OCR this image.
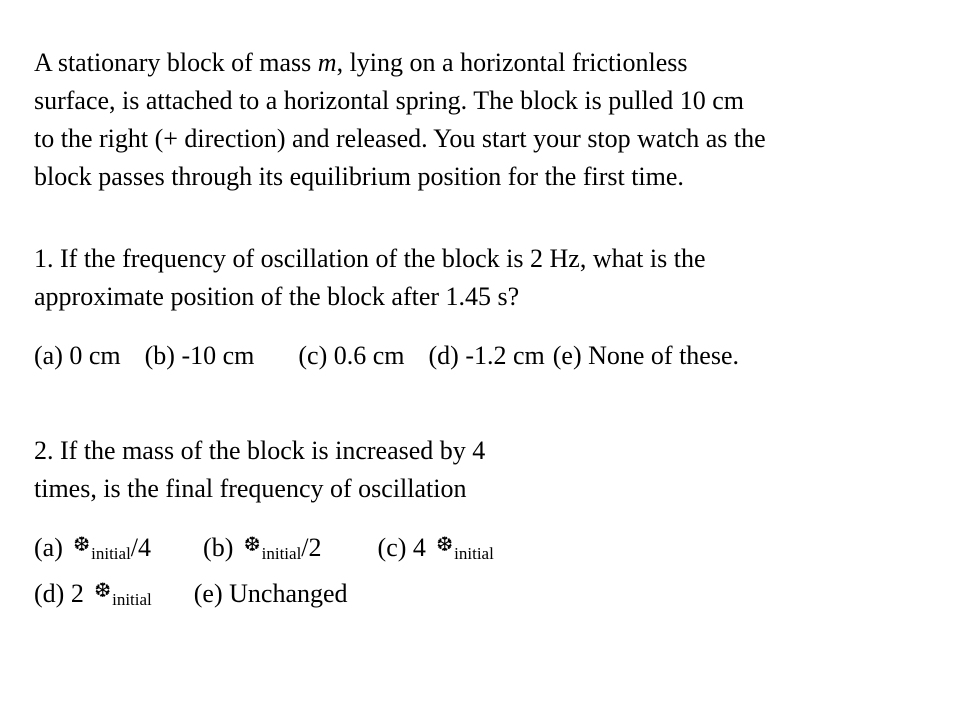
A stationary block of mass m, lying on a horizontal frictionless
surface, is attached to a horizontal spring. The block is pulled 10 cm
to the right (+ direction) and released. You start your stop watch as the
block passes through its equilibrium position for the first time.
1. If the frequency of oscillation of the block is 2 Hz, what is the
approximate position of the block after 1.45 s?
(a) 0 cm (b) -10 cm (c) 0.6 cm (d) -1.2 cm (e) None of these.
2. If the mass of the block is increased by 4
times, is the final frequency of oscillation
(a) ❆initial/4 (b) ❆initial/2 (c) 4 ❆initial
(d) 2 ❆initial (e) Unchanged
